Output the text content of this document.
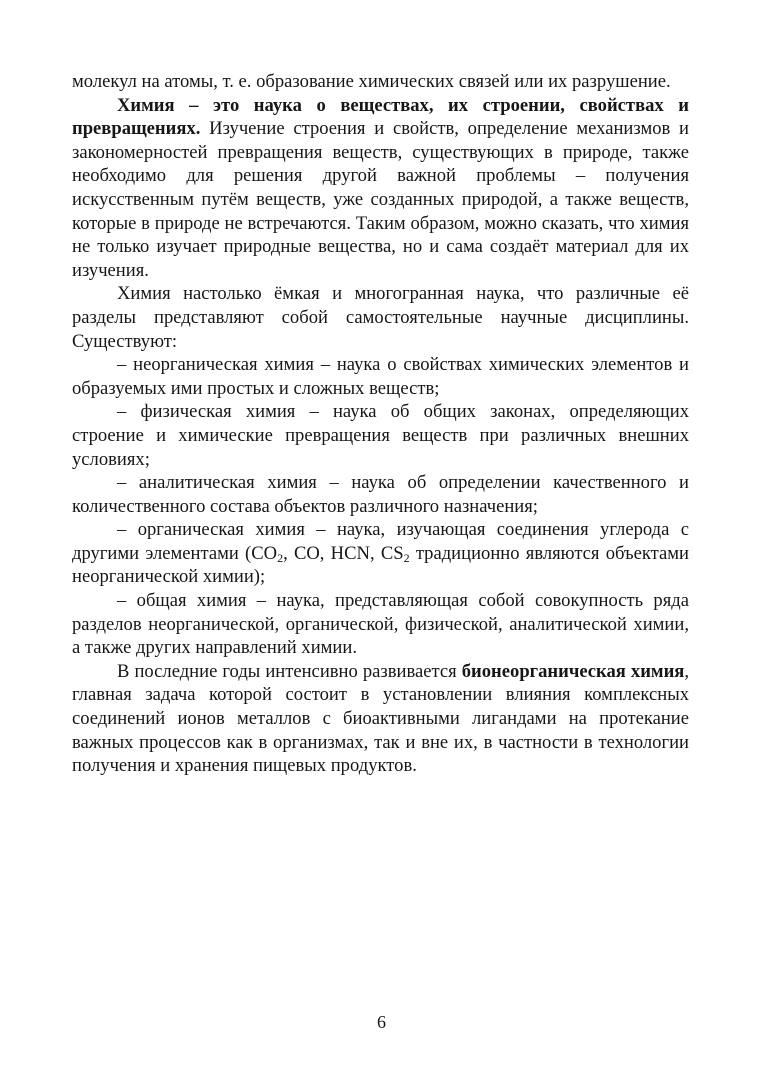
молекул на атомы, т. е. образование химических связей или их разрушение.

Химия – это наука о веществах, их строении, свойствах и превращениях. Изучение строения и свойств, определение механизмов и закономерностей превращения веществ, существующих в природе, также необходимо для решения другой важной проблемы – получения искусственным путём веществ, уже созданных природой, а также веществ, которые в природе не встречаются. Таким образом, можно сказать, что химия не только изучает природные вещества, но и сама создаёт материал для их изучения.

Химия настолько ёмкая и многогранная наука, что различные её разделы представляют собой самостоятельные научные дисциплины. Существуют:

– неорганическая химия – наука о свойствах химических элементов и образуемых ими простых и сложных веществ;

– физическая химия – наука об общих законах, определяющих строение и химические превращения веществ при различных внешних условиях;

– аналитическая химия – наука об определении качественного и количественного состава объектов различного назначения;

– органическая химия – наука, изучающая соединения углерода с другими элементами ($CO_2$, CO, HCN, $CS_2$ традиционно являются объектами неорганической химии);

– общая химия – наука, представляющая собой совокупность ряда разделов неорганической, органической, физической, аналитической химии, а также других направлений химии.

В последние годы интенсивно развивается бионеорганическая химия, главная задача которой состоит в установлении влияния комплексных соединений ионов металлов с биоактивными лигандами на протекание важных процессов как в организмах, так и вне их, в частности в технологии получения и хранения пищевых продуктов.

6
